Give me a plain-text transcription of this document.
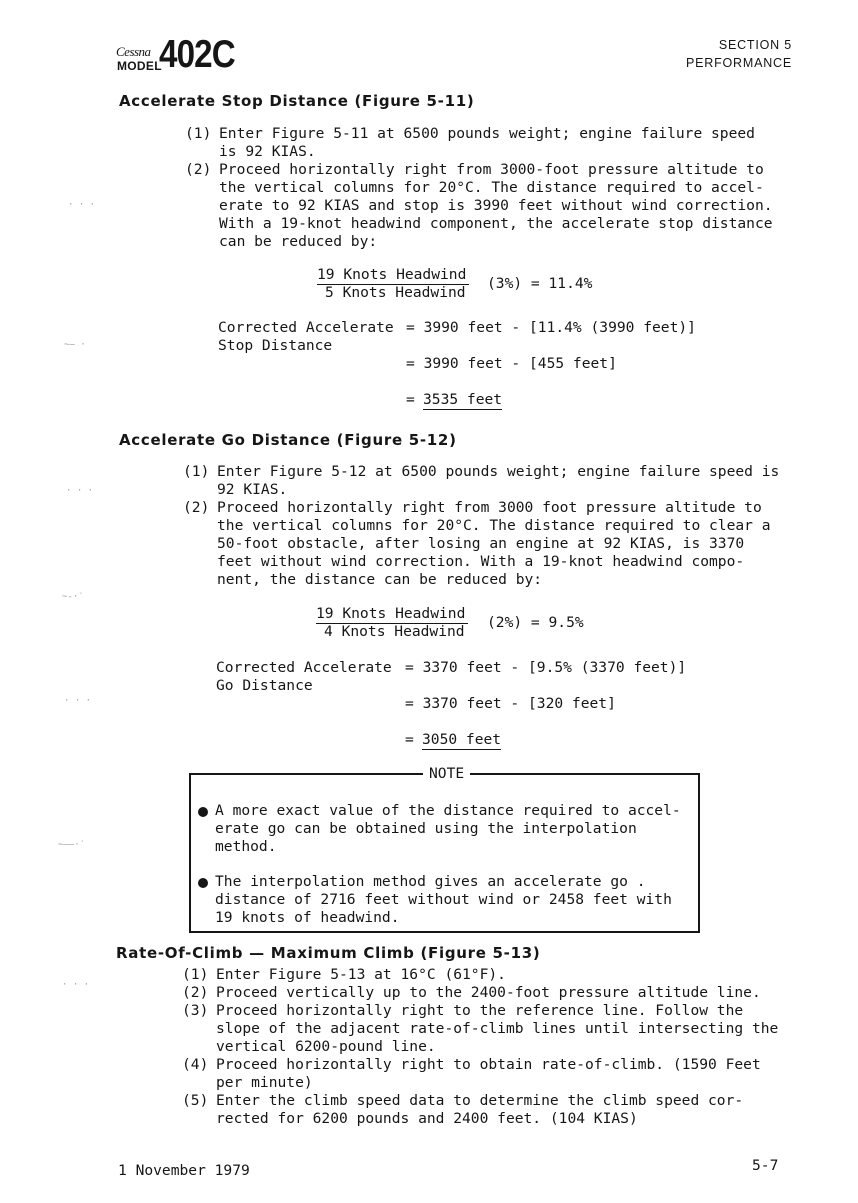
Cessna
MODEL
402C	SECTION 5
PERFORMANCE
Accelerate Stop Distance (Figure 5-11)
(1) Enter Figure 5-11 at 6500 pounds weight; engine failure speed
is 92 KIAS.
(2) Proceed horizontally right from 3000-foot pressure altitude to
the vertical columns for 20°C. The distance required to accel-
erate to 92 KIAS and stop is 3990 feet without wind correction.
With a 19-knot headwind component, the accelerate stop distance
can be reduced by:
19 Knots Headwind
5 Knots Headwind
(3%) = 11.4%
Corrected Accelerate
Stop Distance
= 3990 feet - [11.4% (3990 feet)]
= 3990 feet - [455 feet]
= 3535 feet
Accelerate Go Distance (Figure 5-12)
(1) Enter Figure 5-12 at 6500 pounds weight; engine failure speed is
92 KIAS.
(2) Proceed horizontally right from 3000 foot pressure altitude to
the vertical columns for 20°C. The distance required to clear a
50-foot obstacle, after losing an engine at 92 KIAS, is 3370
feet without wind correction. With a 19-knot headwind compo-
nent, the distance can be reduced by:
19 Knots Headwind
4 Knots Headwind
(2%) = 9.5%
Corrected Accelerate
Go Distance
= 3370 feet - [9.5% (3370 feet)]
= 3370 feet - [320 feet]
= 3050 feet
NOTE
A more exact value of the distance required to accel-
erate go can be obtained using the interpolation
method.
The interpolation method gives an accelerate go .
distance of 2716 feet without wind or 2458 feet with
19 knots of headwind.
Rate-Of-Climb — Maximum Climb (Figure 5-13)
(1) Enter Figure 5-13 at 16°C (61°F).
(2) Proceed vertically up to the 2400-foot pressure altitude line.
(3) Proceed horizontally right to the reference line. Follow the
slope of the adjacent rate-of-climb lines until intersecting the
vertical 6200-pound line.
(4) Proceed horizontally right to obtain rate-of-climb. (1590 Feet
per minute)
(5) Enter the climb speed data to determine the climb speed cor-
rected for 6200 pounds and 2400 feet. (104 KIAS)
1 November 1979	5-7
· · ·
~– ·
· · ·
~-·′
· · ·
~––·′
· · ·
